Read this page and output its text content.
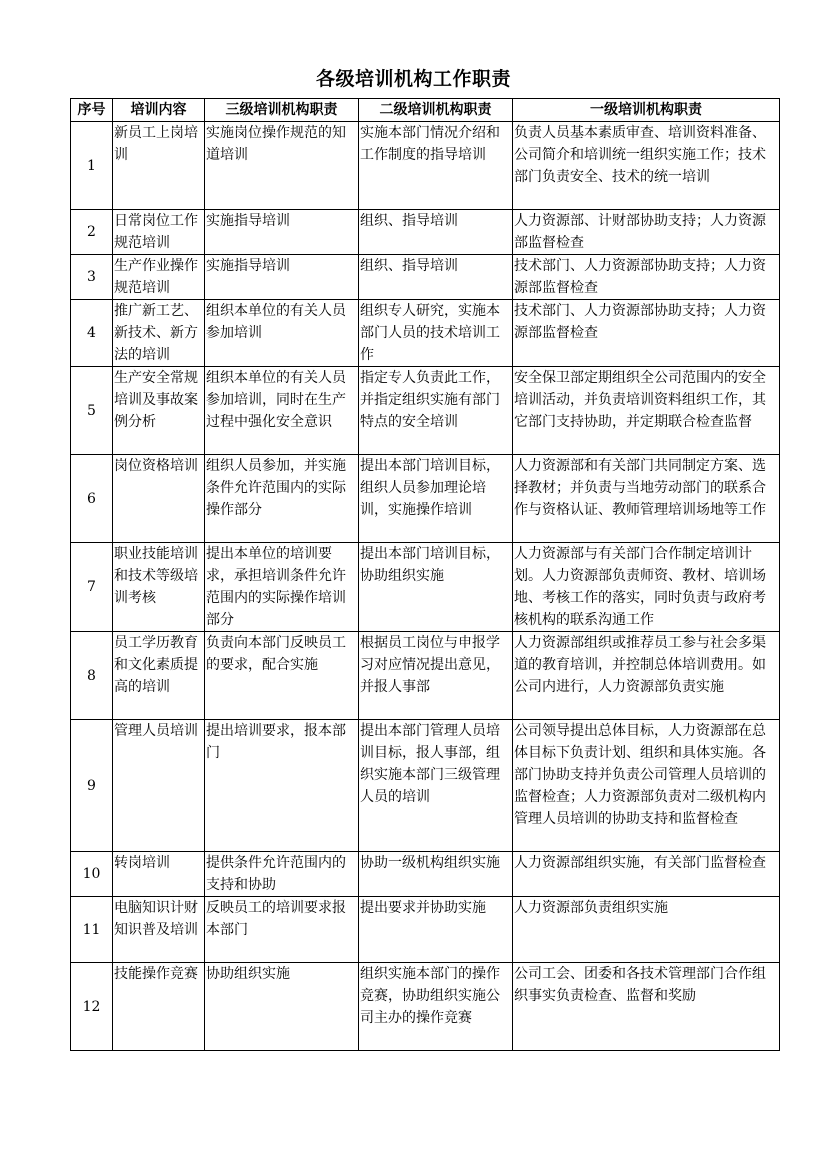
各级培训机构工作职责
序号	培训内容	三级培训机构职责	二级培训机构职责	一级培训机构职责
1	新员工上岗培训	实施岗位操作规范的知道培训	实施本部门情况介绍和工作制度的指导培训	负责人员基本素质审查、培训资料准备、公司简介和培训统一组织实施工作；技术部门负责安全、技术的统一培训
2	日常岗位工作规范培训	实施指导培训	组织、指导培训	人力资源部、计财部协助支持；人力资源部监督检查
3	生产作业操作规范培训	实施指导培训	组织、指导培训	技术部门、人力资源部协助支持；人力资源部监督检查
4	推广新工艺、新技术、新方法的培训	组织本单位的有关人员参加培训	组织专人研究，实施本部门人员的技术培训工作	技术部门、人力资源部协助支持；人力资源部监督检查
5	生产安全常规培训及事故案例分析	组织本单位的有关人员参加培训，同时在生产过程中强化安全意识	指定专人负责此工作，并指定组织实施有部门特点的安全培训	安全保卫部定期组织全公司范围内的安全培训活动，并负责培训资料组织工作，其它部门支持协助，并定期联合检查监督
6	岗位资格培训	组织人员参加，并实施条件允许范围内的实际操作部分	提出本部门培训目标，组织人员参加理论培训，实施操作培训	人力资源部和有关部门共同制定方案、选择教材；并负责与当地劳动部门的联系合作与资格认证、教师管理培训场地等工作
7	职业技能培训和技术等级培训考核	提出本单位的培训要求，承担培训条件允许范围内的实际操作培训部分	提出本部门培训目标，协助组织实施	人力资源部与有关部门合作制定培训计划。人力资源部负责师资、教材、培训场地、考核工作的落实，同时负责与政府考核机构的联系沟通工作
8	员工学历教育和文化素质提高的培训	负责向本部门反映员工的要求，配合实施	根据员工岗位与申报学习对应情况提出意见，并报人事部	人力资源部组织或推荐员工参与社会多渠道的教育培训，并控制总体培训费用。如公司内进行，人力资源部负责实施
9	管理人员培训	提出培训要求，报本部门	提出本部门管理人员培训目标，报人事部，组织实施本部门三级管理人员的培训	公司领导提出总体目标，人力资源部在总体目标下负责计划、组织和具体实施。各部门协助支持并负责公司管理人员培训的监督检查；人力资源部负责对二级机构内管理人员培训的协助支持和监督检查
10	转岗培训	提供条件允许范围内的支持和协助	协助一级机构组织实施	人力资源部组织实施，有关部门监督检查
11	电脑知识计财知识普及培训	反映员工的培训要求报本部门	提出要求并协助实施	人力资源部负责组织实施
12	技能操作竞赛	协助组织实施	组织实施本部门的操作竞赛，协助组织实施公司主办的操作竞赛	公司工会、团委和各技术管理部门合作组织事实负责检查、监督和奖励
